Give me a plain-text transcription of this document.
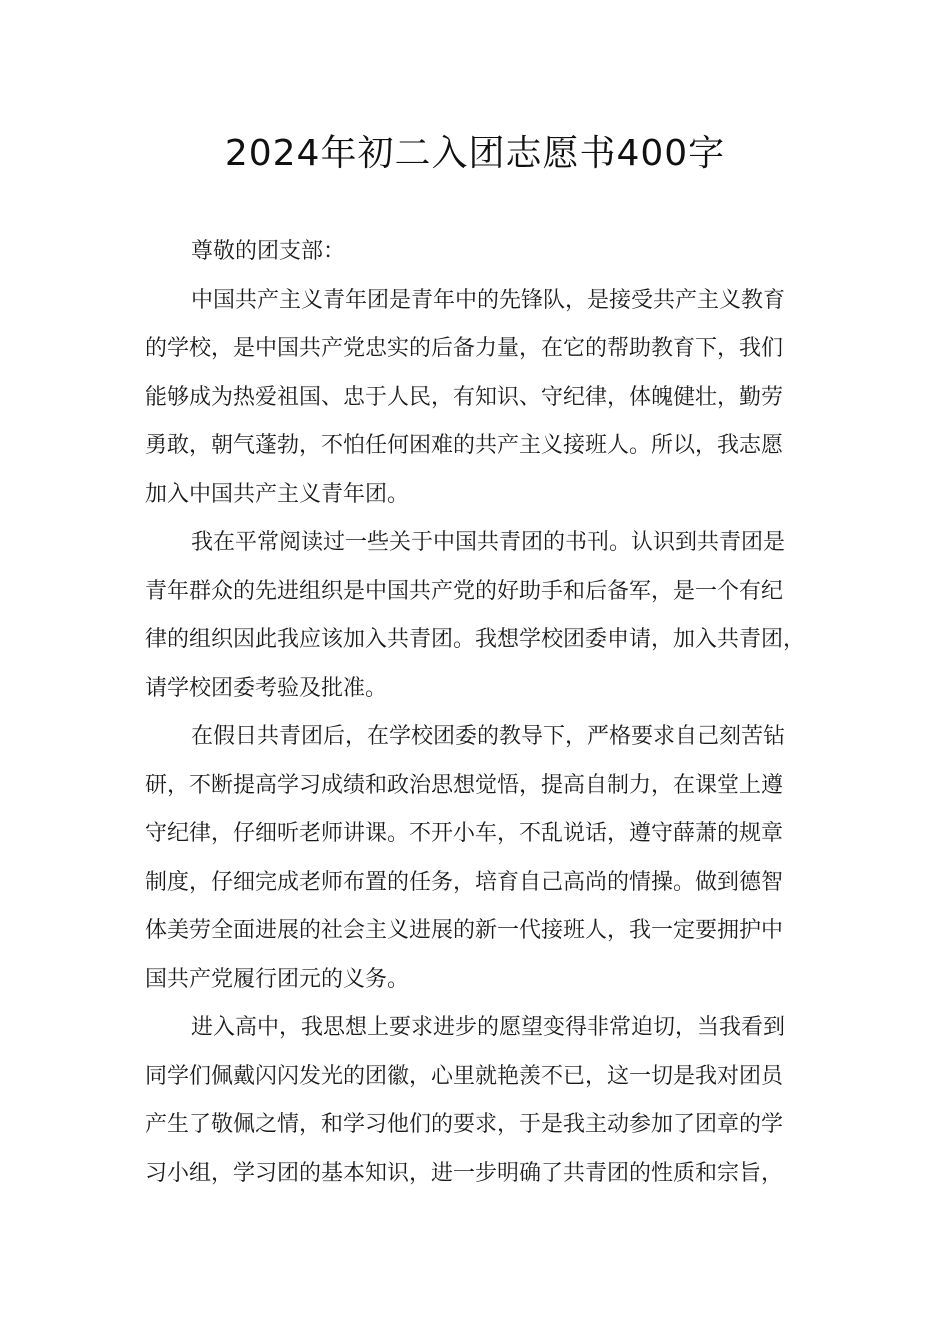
2024年初二入团志愿书400字
尊敬的团支部：
中国共产主义青年团是青年中的先锋队，是接受共产主义教育
的学校，是中国共产党忠实的后备力量，在它的帮助教育下，我们
能够成为热爱祖国、忠于人民，有知识、守纪律，体魄健壮，勤劳
勇敢，朝气蓬勃，不怕任何困难的共产主义接班人。所以，我志愿
加入中国共产主义青年团。
我在平常阅读过一些关于中国共青团的书刊。认识到共青团是
青年群众的先进组织是中国共产党的好助手和后备军，是一个有纪
律的组织因此我应该加入共青团。我想学校团委申请，加入共青团，
请学校团委考验及批准。
在假日共青团后，在学校团委的教导下，严格要求自己刻苦钻
研，不断提高学习成绩和政治思想觉悟，提高自制力，在课堂上遵
守纪律，仔细听老师讲课。不开小车，不乱说话，遵守薛萧的规章
制度，仔细完成老师布置的任务，培育自己高尚的情操。做到德智
体美劳全面进展的社会主义进展的新一代接班人，我一定要拥护中
国共产党履行团元的义务。
进入高中，我思想上要求进步的愿望变得非常迫切，当我看到
同学们佩戴闪闪发光的团徽，心里就艳羡不已，这一切是我对团员
产生了敬佩之情，和学习他们的要求，于是我主动参加了团章的学
习小组，学习团的基本知识，进一步明确了共青团的性质和宗旨，
